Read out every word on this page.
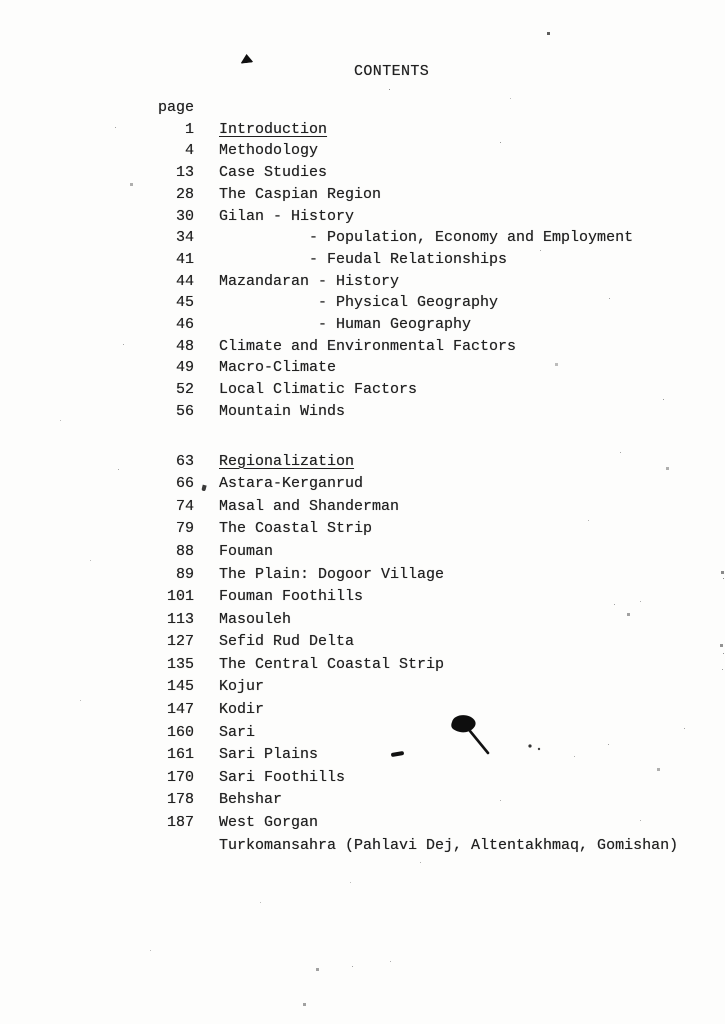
CONTENTS
page
1 Introduction
4 Methodology
13 Case Studies
28 The Caspian Region
30 Gilan - History
34 - Population, Economy and Employment
41 - Feudal Relationships
44 Mazandaran - History
45 - Physical Geography
46 - Human Geography
48 Climate and Environmental Factors
49 Macro-Climate
52 Local Climatic Factors
56 Mountain Winds
63 Regionalization
66 Astara-Kerganrud
74 Masal and Shanderman
79 The Coastal Strip
88 Fouman
89 The Plain: Dogoor Village
101 Fouman Foothills
113 Masouleh
127 Sefid Rud Delta
135 The Central Coastal Strip
145 Kojur
147 Kodir
160 Sari
161 Sari Plains
170 Sari Foothills
178 Behshar
187 West Gorgan
Turkomansahra (Pahlavi Dej, Altentakhmaq, Gomishan)
